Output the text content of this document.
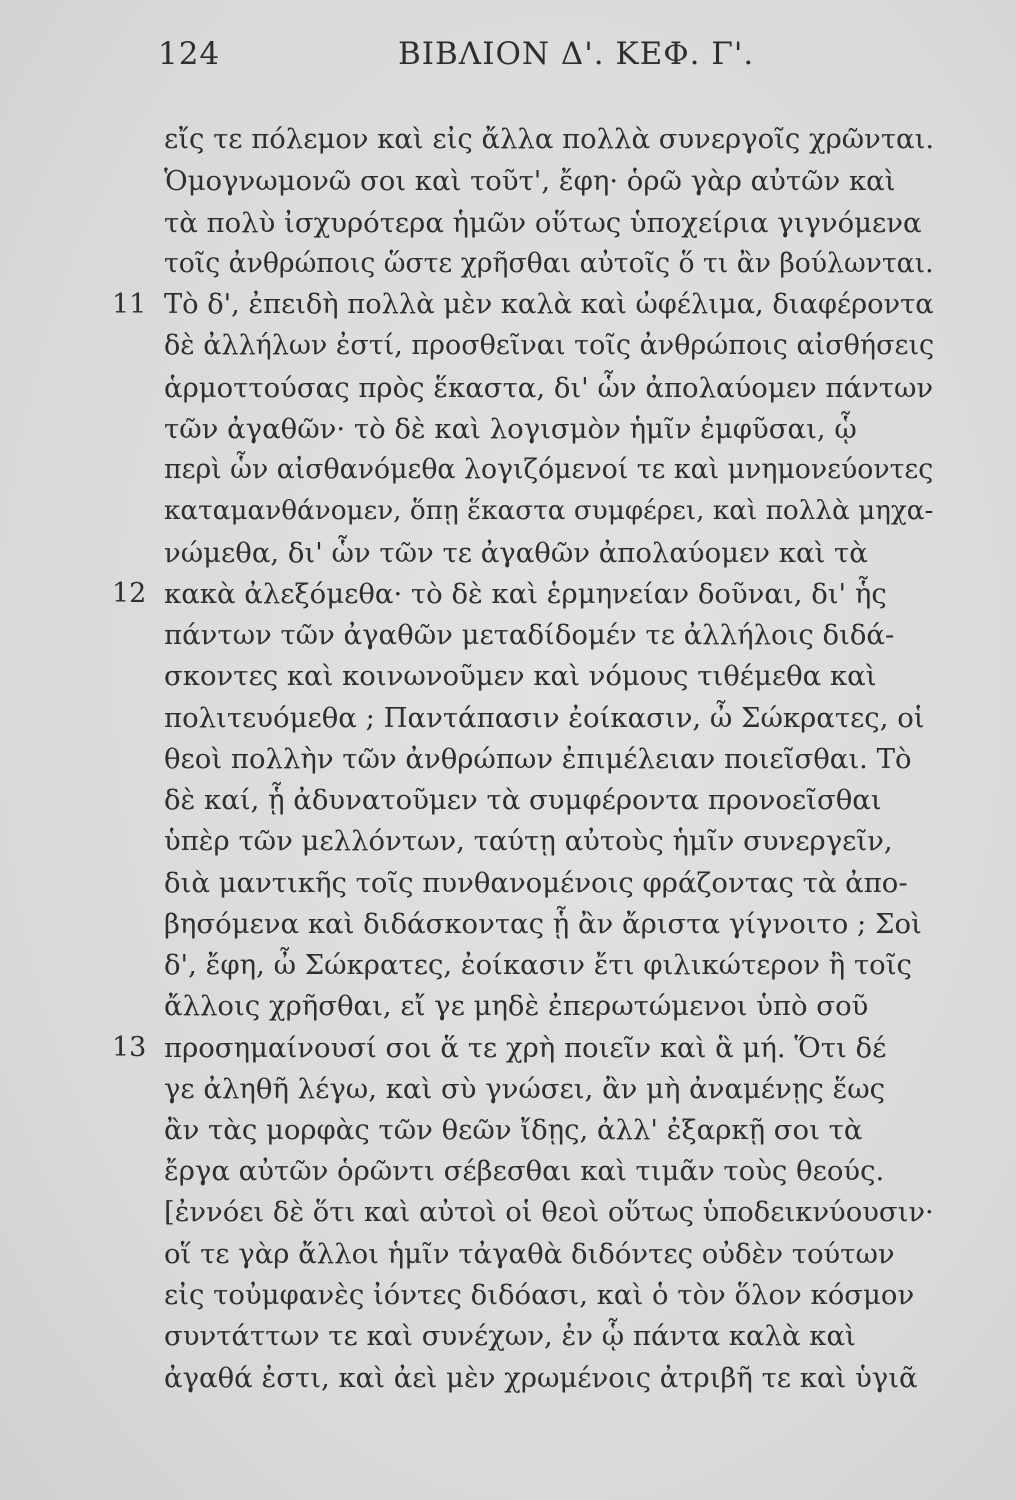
124	ΒΙΒΛΙΟΝ Δ'. ΚΕΦ. Γ'.
εἴς τε πόλεμον καὶ εἰς ἄλλα πολλὰ συνεργοῖς χρῶνται.
Ὁμογνωμονῶ σοι καὶ τοῦτ', ἔφη· ὁρῶ γὰρ αὐτῶν καὶ
τὰ πολὺ ἰσχυρότερα ἡμῶν οὕτως ὑποχείρια γιγνόμενα
τοῖς ἀνθρώποις ὥστε χρῆσθαι αὐτοῖς ὅ τι ἂν βούλωνται.
Τὸ δ', ἐπειδὴ πολλὰ μὲν καλὰ καὶ ὠφέλιμα, διαφέροντα
δὲ ἀλλήλων ἐστί, προσθεῖναι τοῖς ἀνθρώποις αἰσθήσεις
ἁρμοττούσας πρὸς ἕκαστα, δι' ὧν ἀπολαύομεν πάντων
τῶν ἀγαθῶν· τὸ δὲ καὶ λογισμὸν ἡμῖν ἐμφῦσαι, ᾧ
περὶ ὧν αἰσθανόμεθα λογιζόμενοί τε καὶ μνημονεύοντες
καταμανθάνομεν, ὅπῃ ἕκαστα συμφέρει, καὶ πολλὰ μηχα-
νώμεθα, δι' ὧν τῶν τε ἀγαθῶν ἀπολαύομεν καὶ τὰ
κακὰ ἀλεξόμεθα· τὸ δὲ καὶ ἑρμηνείαν δοῦναι, δι' ἧς
πάντων τῶν ἀγαθῶν μεταδίδομέν τε ἀλλήλοις διδά-
σκοντες καὶ κοινωνοῦμεν καὶ νόμους τιθέμεθα καὶ
πολιτευόμεθα ; Παντάπασιν ἐοίκασιν, ὦ Σώκρατες, οἱ
θεοὶ πολλὴν τῶν ἀνθρώπων ἐπιμέλειαν ποιεῖσθαι. Τὸ
δὲ καί, ᾗ ἀδυνατοῦμεν τὰ συμφέροντα προνοεῖσθαι
ὑπὲρ τῶν μελλόντων, ταύτῃ αὐτοὺς ἡμῖν συνεργεῖν,
διὰ μαντικῆς τοῖς πυνθανομένοις φράζοντας τὰ ἀπο-
βησόμενα καὶ διδάσκοντας ᾗ ἂν ἄριστα γίγνοιτο ; Σοὶ
δ', ἔφη, ὦ Σώκρατες, ἐοίκασιν ἔτι φιλικώτερον ἢ τοῖς
ἄλλοις χρῆσθαι, εἴ γε μηδὲ ἐπερωτώμενοι ὑπὸ σοῦ
προσημαίνουσί σοι ἅ τε χρὴ ποιεῖν καὶ ἃ μή. Ὅτι δέ
γε ἀληθῆ λέγω, καὶ σὺ γνώσει, ἂν μὴ ἀναμένῃς ἕως
ἂν τὰς μορφὰς τῶν θεῶν ἴδῃς, ἀλλ' ἐξαρκῇ σοι τὰ
ἔργα αὐτῶν ὁρῶντι σέβεσθαι καὶ τιμᾶν τοὺς θεούς.
[ἐννόει δὲ ὅτι καὶ αὐτοὶ οἱ θεοὶ οὕτως ὑποδεικνύουσιν·
οἵ τε γὰρ ἄλλοι ἡμῖν τἀγαθὰ διδόντες οὐδὲν τούτων
εἰς τοὐμφανὲς ἰόντες διδόασι, καὶ ὁ τὸν ὅλον κόσμον
συντάττων τε καὶ συνέχων, ἐν ᾧ πάντα καλὰ καὶ
ἀγαθά ἐστι, καὶ ἀεὶ μὲν χρωμένοις ἀτριβῆ τε καὶ ὑγιᾶ
11
12
13
